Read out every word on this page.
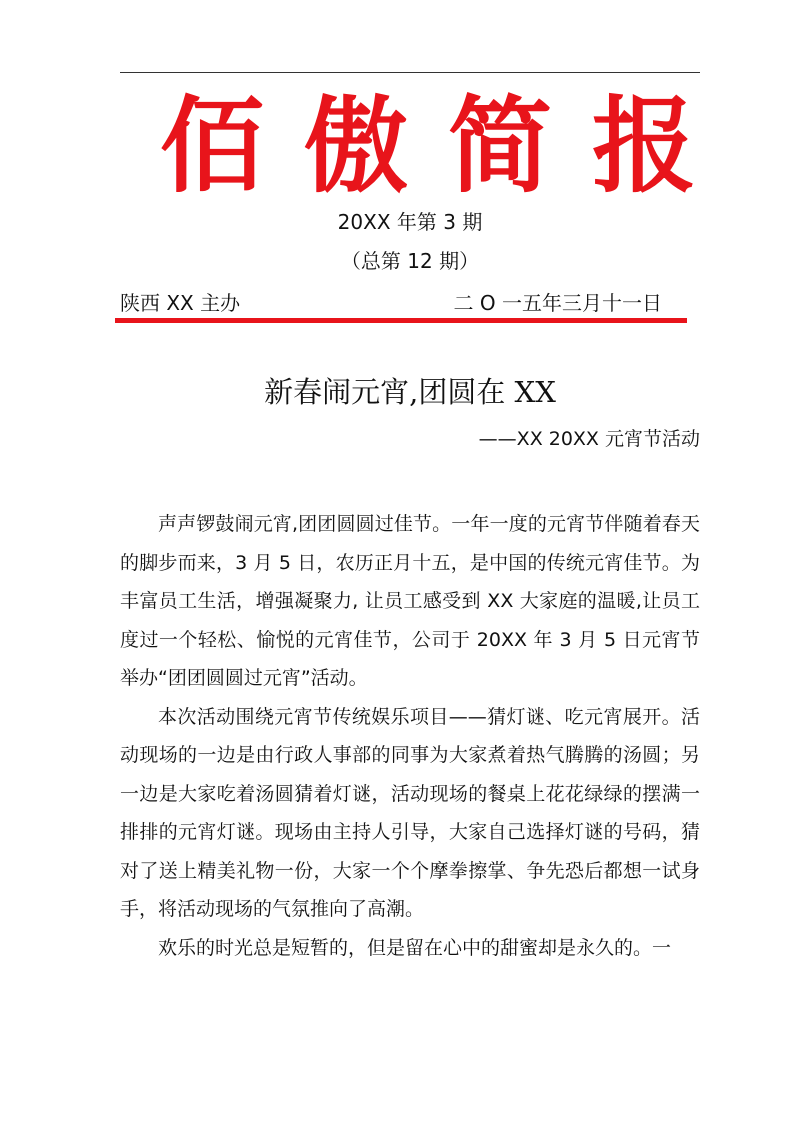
佰傲简报
20XX 年第 3 期
（总第 12 期）
陕西 XX 主办	二 O 一五年三月十一日
新春闹元宵,团圆在 XX
——XX 20XX 元宵节活动

声声锣鼓闹元宵,团团圆圆过佳节。一年一度的元宵节伴随着春天的脚步而来，3 月 5 日，农历正月十五，是中国的传统元宵佳节。为丰富员工生活，增强凝聚力, 让员工感受到 XX 大家庭的温暖,让员工度过一个轻松、愉悦的元宵佳节，公司于 20XX 年 3 月 5 日元宵节举办“团团圆圆过元宵”活动。

本次活动围绕元宵节传统娱乐项目——猜灯谜、吃元宵展开。活动现场的一边是由行政人事部的同事为大家煮着热气腾腾的汤圆；另一边是大家吃着汤圆猜着灯谜，活动现场的餐桌上花花绿绿的摆满一排排的元宵灯谜。现场由主持人引导，大家自己选择灯谜的号码，猜对了送上精美礼物一份，大家一个个摩拳擦掌、争先恐后都想一试身手，将活动现场的气氛推向了高潮。

欢乐的时光总是短暂的，但是留在心中的甜蜜却是永久的。一
